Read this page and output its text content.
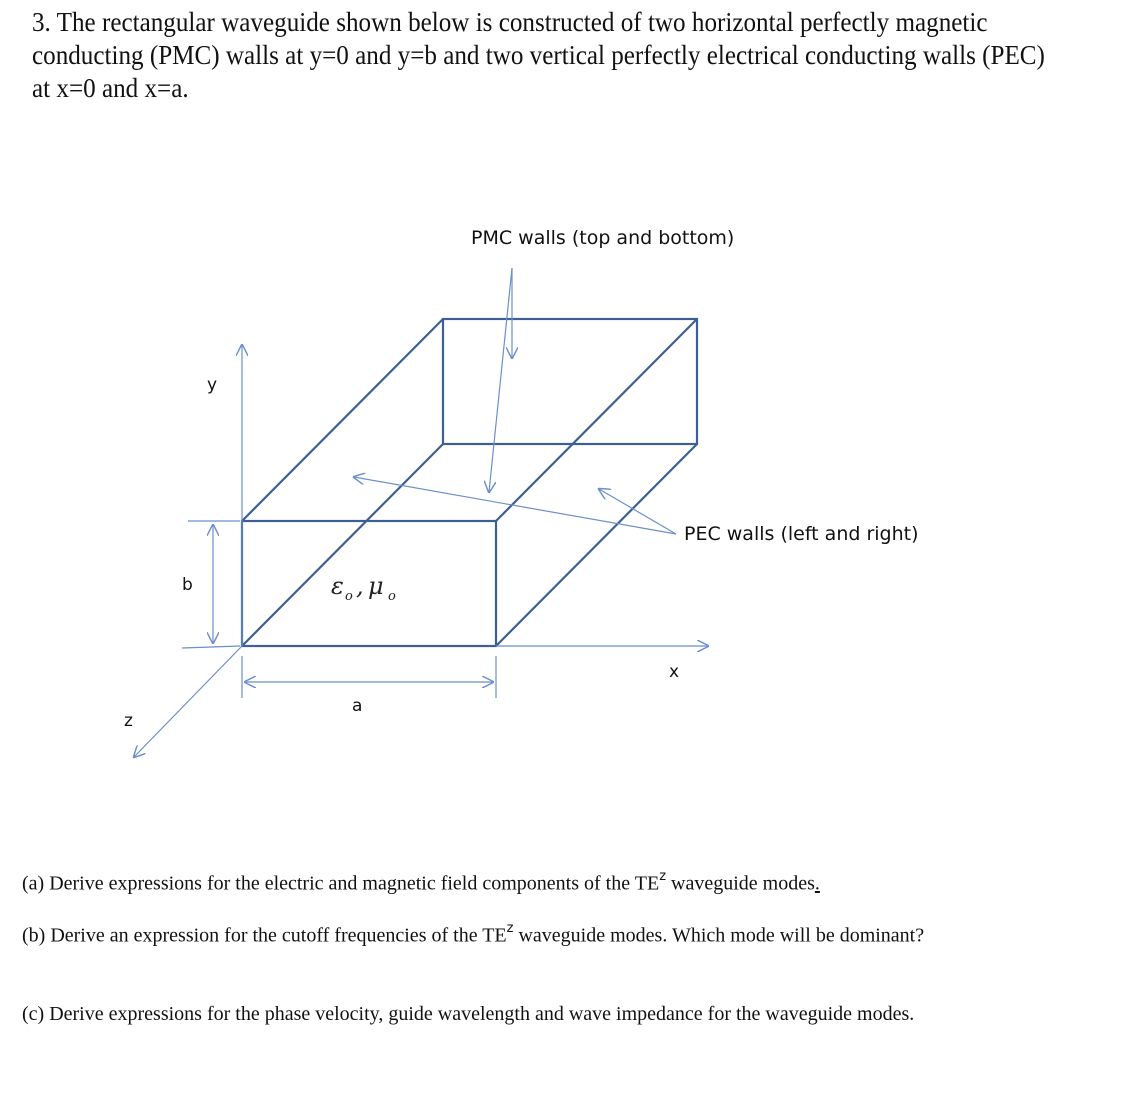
3. The rectangular waveguide shown below is constructed of two horizontal perfectly magnetic conducting (PMC) walls at y=0 and y=b and two vertical perfectly electrical conducting walls (PEC) at x=0 and x=a.
PMC walls (top and bottom)
PEC walls (left and right)
y
x
z
b
a
ε o , μ o
(a) Derive expressions for the electric and magnetic field components of the $TE^z$ waveguide modes.
(b) Derive an expression for the cutoff frequencies of the $TE^z$ waveguide modes. Which mode will be dominant?
(c) Derive expressions for the phase velocity, guide wavelength and wave impedance for the waveguide modes.
